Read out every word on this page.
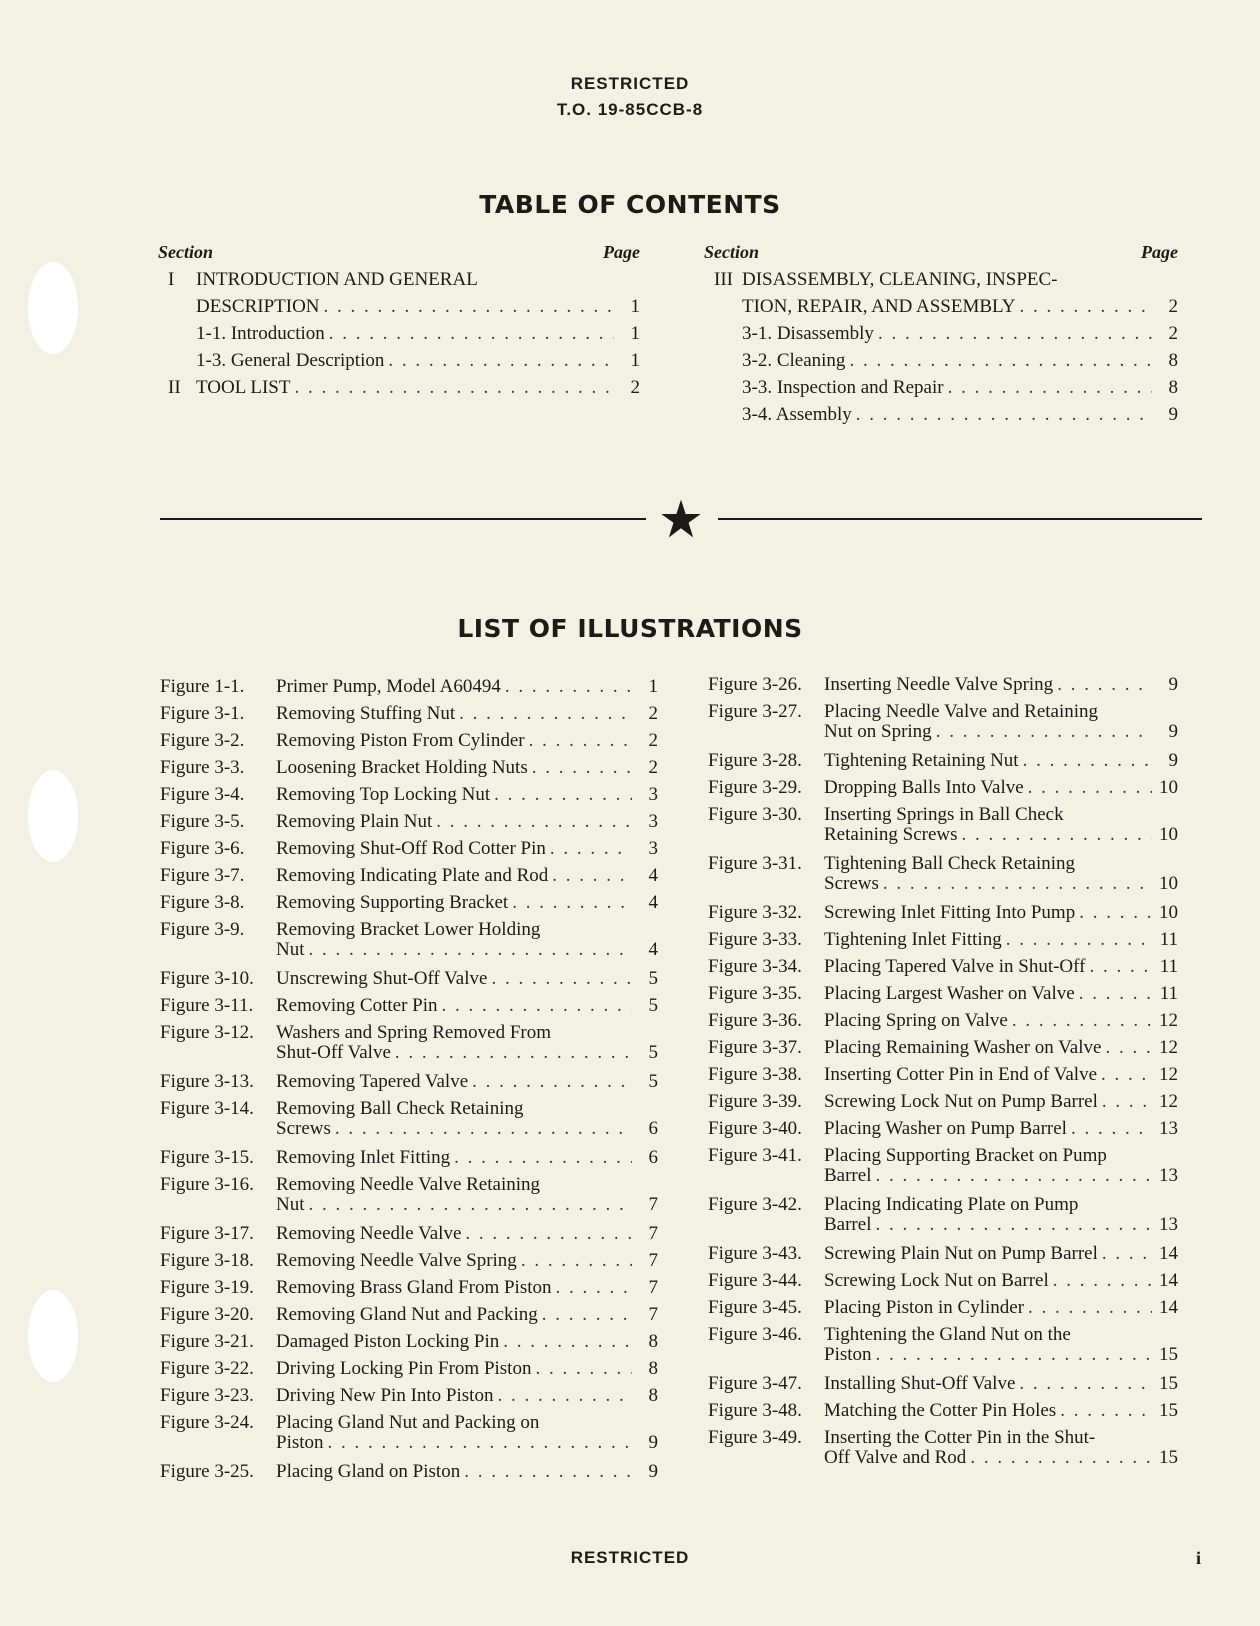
RESTRICTED
T.O. 19-85CCB-8
TABLE OF CONTENTS
Section	Page
I INTRODUCTION AND GENERAL
DESCRIPTION . . .	1
1-1. Introduction . . .	1
1-3. General Description . . .	1
II TOOL LIST . . .	2
Section	Page
III DISASSEMBLY, CLEANING, INSPEC-
TION, REPAIR, AND ASSEMBLY . . .	2
3-1. Disassembly . . .	2
3-2. Cleaning . . .	8
3-3. Inspection and Repair . . .	8
3-4. Assembly . . .	9
LIST OF ILLUSTRATIONS
Figure 1-1.	Primer Pump, Model A60494 . . .	1
Figure 3-1.	Removing Stuffing Nut . . .	2
Figure 3-2.	Removing Piston From Cylinder . . .	2
Figure 3-3.	Loosening Bracket Holding Nuts . . .	2
Figure 3-4.	Removing Top Locking Nut . . .	3
Figure 3-5.	Removing Plain Nut . . .	3
Figure 3-6.	Removing Shut-Off Rod Cotter Pin . . .	3
Figure 3-7.	Removing Indicating Plate and Rod . . .	4
Figure 3-8.	Removing Supporting Bracket . . .	4
Figure 3-9.	Removing Bracket Lower Holding
Nut . . .	4
Figure 3-10.	Unscrewing Shut-Off Valve . . .	5
Figure 3-11.	Removing Cotter Pin . . .	5
Figure 3-12.	Washers and Spring Removed From
Shut-Off Valve . . .	5
Figure 3-13.	Removing Tapered Valve . . .	5
Figure 3-14.	Removing Ball Check Retaining
Screws . . .	6
Figure 3-15.	Removing Inlet Fitting . . .	6
Figure 3-16.	Removing Needle Valve Retaining
Nut . . .	7
Figure 3-17.	Removing Needle Valve . . .	7
Figure 3-18.	Removing Needle Valve Spring . . .	7
Figure 3-19.	Removing Brass Gland From Piston . . .	7
Figure 3-20.	Removing Gland Nut and Packing . . .	7
Figure 3-21.	Damaged Piston Locking Pin . . .	8
Figure 3-22.	Driving Locking Pin From Piston . . .	8
Figure 3-23.	Driving New Pin Into Piston . . .	8
Figure 3-24.	Placing Gland Nut and Packing on
Piston . . .	9
Figure 3-25.	Placing Gland on Piston . . .	9
Figure 3-26.	Inserting Needle Valve Spring . . .	9
Figure 3-27.	Placing Needle Valve and Retaining
Nut on Spring . . .	9
Figure 3-28.	Tightening Retaining Nut . . .	9
Figure 3-29.	Dropping Balls Into Valve . . .	10
Figure 3-30.	Inserting Springs in Ball Check
Retaining Screws . . .	10
Figure 3-31.	Tightening Ball Check Retaining
Screws . . .	10
Figure 3-32.	Screwing Inlet Fitting Into Pump . . .	10
Figure 3-33.	Tightening Inlet Fitting . . .	11
Figure 3-34.	Placing Tapered Valve in Shut-Off . . .	11
Figure 3-35.	Placing Largest Washer on Valve . . .	11
Figure 3-36.	Placing Spring on Valve . . .	12
Figure 3-37.	Placing Remaining Washer on Valve . . .	12
Figure 3-38.	Inserting Cotter Pin in End of Valve . . .	12
Figure 3-39.	Screwing Lock Nut on Pump Barrel . . .	12
Figure 3-40.	Placing Washer on Pump Barrel . . .	13
Figure 3-41.	Placing Supporting Bracket on Pump
Barrel . . .	13
Figure 3-42.	Placing Indicating Plate on Pump
Barrel . . .	13
Figure 3-43.	Screwing Plain Nut on Pump Barrel . . .	14
Figure 3-44.	Screwing Lock Nut on Barrel . . .	14
Figure 3-45.	Placing Piston in Cylinder . . .	14
Figure 3-46.	Tightening the Gland Nut on the
Piston . . .	15
Figure 3-47.	Installing Shut-Off Valve . . .	15
Figure 3-48.	Matching the Cotter Pin Holes . . .	15
Figure 3-49.	Inserting the Cotter Pin in the Shut-
Off Valve and Rod . . .	15
RESTRICTED	i
